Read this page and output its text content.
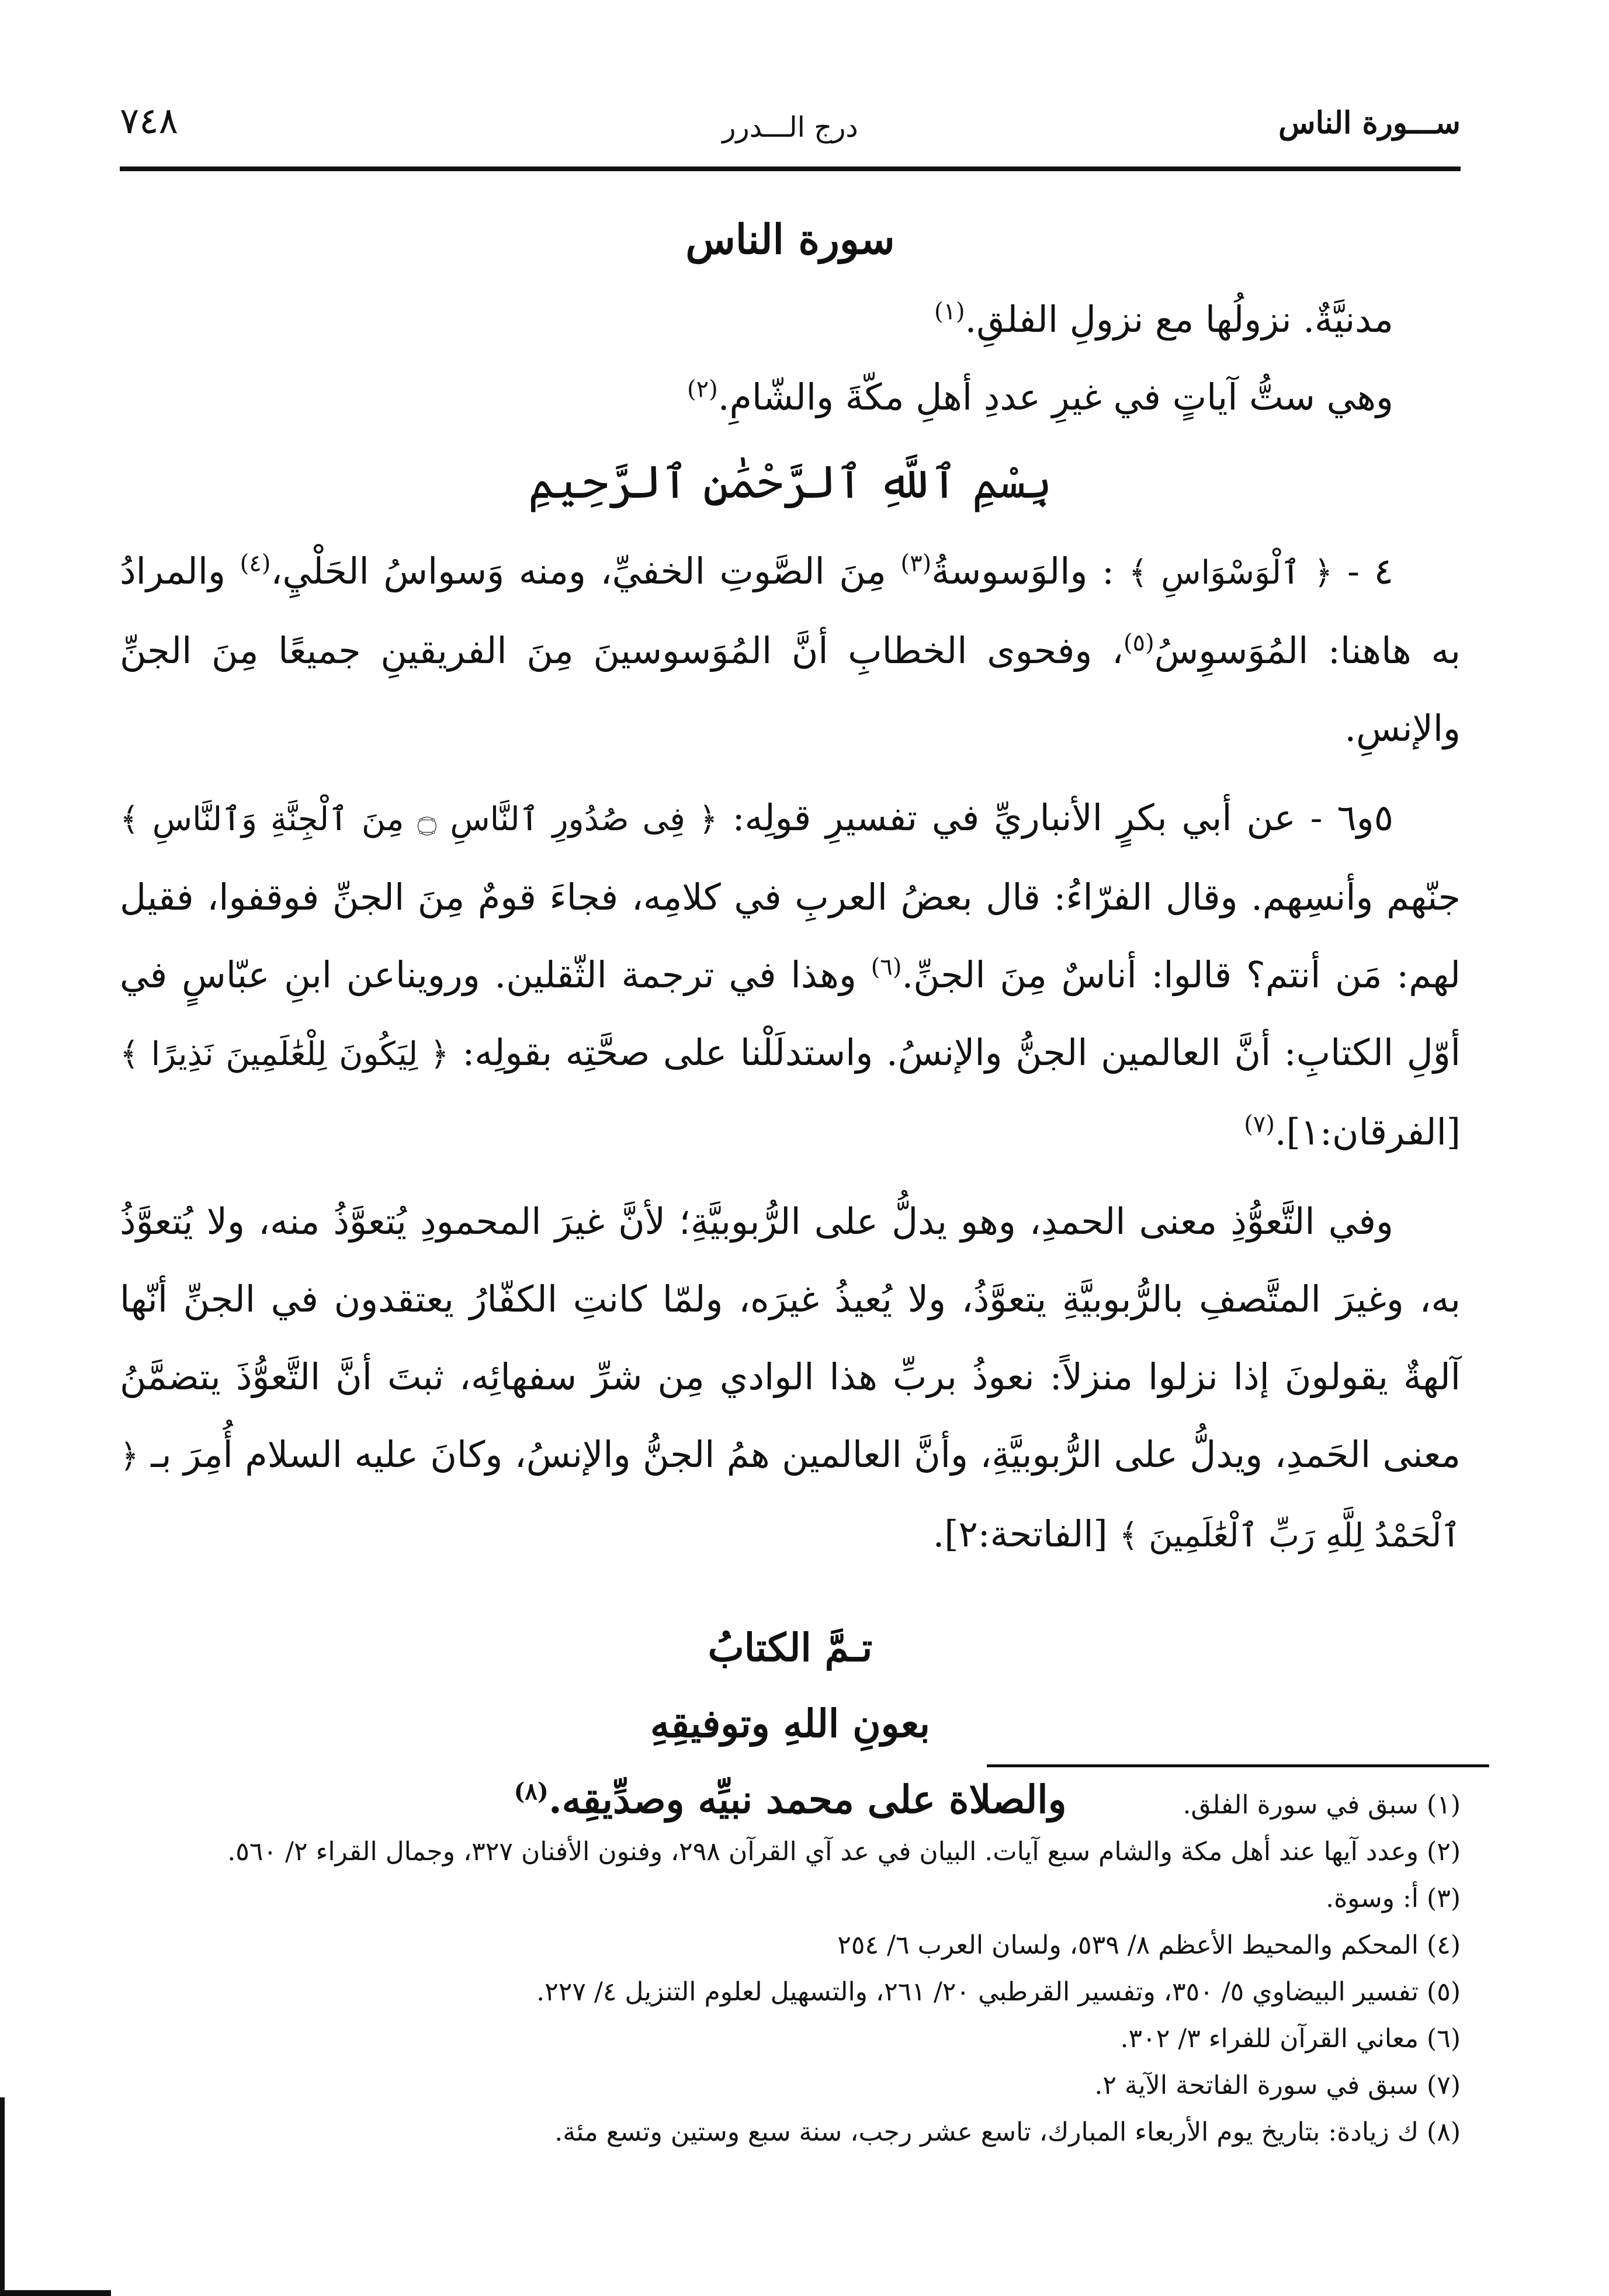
ســـورة الناس
درج الـــدرر
٧٤٨
سورة الناس
مدنيَّةٌ. نزولُها مع نزولِ الفلقِ.$^{(١)}$
وهي ستُّ آياتٍ في غيرِ عددِ أهلِ مكّةَ والشّامِ.$^{(٢)}$
بِسْمِ ٱللَّهِ ٱلرَّحْمَٰنِ ٱلرَّحِيمِ

٤ - ﴿ ٱلْوَسْوَاسِ ﴾ : والوَسوسةُ$^{(٣)}$ مِنَ الصَّوتِ الخفيِّ، ومنه وَسواسُ الحَلْيِ،$^{(٤)}$ والمرادُ به هاهنا: المُوَسوِسُ$^{(٥)}$، وفحوى الخطابِ أنَّ المُوَسوسينَ مِنَ الفريقينِ جميعًا مِنَ الجنِّ والإنسِ.

٥و٦ - عن أبي بكرٍ الأنباريِّ في تفسيرِ قولِه: ﴿ فِى صُدُورِ ٱلنَّاسِ ۝ مِنَ ٱلْجِنَّةِ وَٱلنَّاسِ ﴾ جنّهم وأنسِهم. وقال الفرّاءُ: قال بعضُ العربِ في كلامِه، فجاءَ قومٌ مِنَ الجنِّ فوقفوا، فقيل لهم: مَن أنتم؟ قالوا: أناسٌ مِنَ الجنِّ.$^{(٦)}$ وهذا في ترجمة الثّقلين. ورويناعن ابنِ عبّاسٍ في أوّلِ الكتابِ: أنَّ العالمين الجنُّ والإنسُ. واستدلَلْنا على صحَّتِه بقولِه: ﴿ لِيَكُونَ لِلْعَٰلَمِينَ نَذِيرًا ﴾ [الفرقان:١].$^{(٧)}$

وفي التَّعوُّذِ معنى الحمدِ، وهو يدلُّ على الرُّبوبيَّةِ؛ لأنَّ غيرَ المحمودِ يُتعوَّذُ منه، ولا يُتعوَّذُ به، وغيرَ المتَّصفِ بالرُّبوبيَّةِ يتعوَّذُ، ولا يُعيذُ غيرَه، ولمّا كانتِ الكفّارُ يعتقدون في الجنِّ أنّها آلهةٌ يقولونَ إذا نزلوا منزلاً: نعوذُ بربِّ هذا الوادي مِن شرِّ سفهائِه، ثبتَ أنَّ التَّعوُّذَ يتضمَّنُ معنى الحَمدِ، ويدلُّ على الرُّبوبيَّةِ، وأنَّ العالمين همُ الجنُّ والإنسُ، وكانَ عليه السلام أُمِرَ بـ ﴿ ٱلْحَمْدُ لِلَّهِ رَبِّ ٱلْعَٰلَمِينَ ﴾ [الفاتحة:٢].

تـمَّ الكتابُ
بعونِ اللهِ وتوفيقِهِ
والصلاة على محمد نبيِّه وصدِّيقِه.$^{(٨)}$	(١) سبق في سورة الفلق.

(٢) وعدد آيها عند أهل مكة والشام سبع آيات. البيان في عد آي القرآن ٢٩٨، وفنون الأفنان ٣٢٧، وجمال القراء ٢/ ٥٦٠.

(٣) أ: وسوة.

(٤) المحكم والمحيط الأعظم ٨/ ٥٣٩، ولسان العرب ٦/ ٢٥٤

(٥) تفسير البيضاوي ٥/ ٣٥٠، وتفسير القرطبي ٢٠/ ٢٦١، والتسهيل لعلوم التنزيل ٤/ ٢٢٧.

(٦) معاني القرآن للفراء ٣/ ٣٠٢.

(٧) سبق في سورة الفاتحة الآية ٢.

(٨) ك زيادة: بتاريخ يوم الأربعاء المبارك، تاسع عشر رجب، سنة سبع وستين وتسع مئة.
